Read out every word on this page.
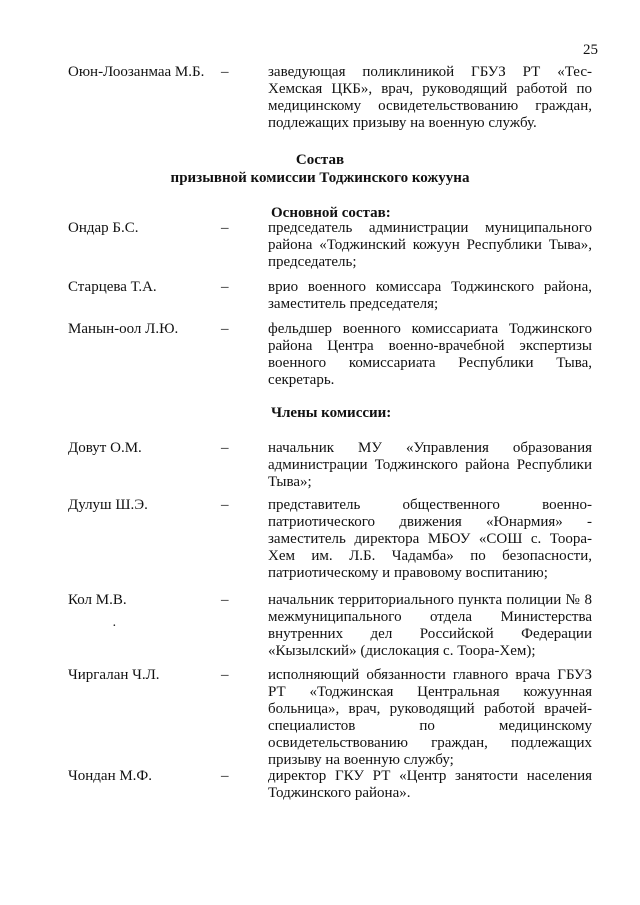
25
Оюн-Лоозанмаа М.Б. –	заведующая поликлиникой ГБУЗ РТ «Тес-Хемская ЦКБ», врач, руководящий работой по медицинскому освидетельствованию граждан, подлежащих призыву на военную службу.
Состав
призывной комиссии Тоджинского кожууна
Основной состав:
Ондар Б.С.	–	председатель администрации муниципального района «Тоджинский кожуун Республики Тыва», председатель;
Старцева Т.А.	–	врио военного комиссара Тоджинского района, заместитель председателя;
Манын-оол Л.Ю.	–	фельдшер военного комиссариата Тоджинского района Центра военно-врачебной экспертизы военного комиссариата Республики Тыва, секретарь.
Члены комиссии:
Довут О.М.	–	начальник МУ «Управления образования администрации Тоджинского района Республики Тыва»;
Дулуш Ш.Э.	–	представитель общественного военно-патриотического движения «Юнармия» - заместитель директора МБОУ «СОШ с. Тоора-Хем им. Л.Б. Чадамба» по безопасности, патриотическому и правовому воспитанию;
Кол М.В.	–	начальник территориального пункта полиции № 8 межмуниципального отдела Министерства внутренних дел Российской Федерации «Кызылский» (дислокация с. Тоора-Хем);
·
Чиргалан Ч.Л.	–	исполняющий обязанности главного врача ГБУЗ РТ «Тоджинская Центральная кожуунная больница», врач, руководящий работой врачей-специалистов по медицинскому освидетельствованию граждан, подлежащих призыву на военную службу;
Чондан М.Ф.	–	директор ГКУ РТ «Центр занятости населения Тоджинского района».
